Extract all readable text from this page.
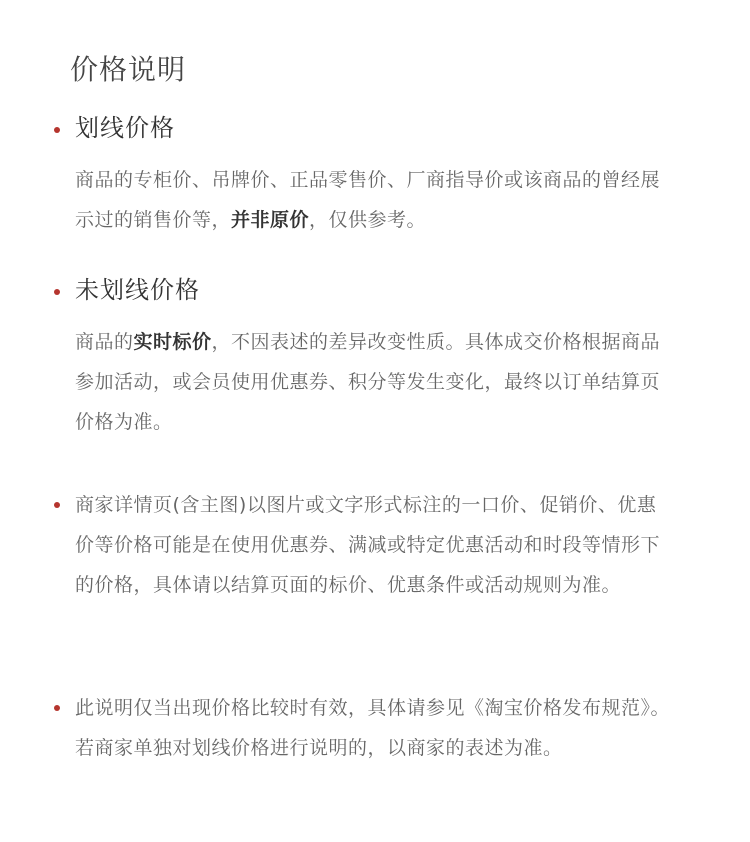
价格说明
划线价格
商品的专柜价、吊牌价、正品零售价、厂商指导价或该商品的曾经展示过的销售价等，并非原价，仅供参考。
未划线价格
商品的实时标价，不因表述的差异改变性质。具体成交价格根据商品参加活动，或会员使用优惠券、积分等发生变化，最终以订单结算页价格为准。
商家详情页(含主图)以图片或文字形式标注的一口价、促销价、优惠价等价格可能是在使用优惠券、满减或特定优惠活动和时段等情形下的价格，具体请以结算页面的标价、优惠条件或活动规则为准。
此说明仅当出现价格比较时有效，具体请参见《淘宝价格发布规范》。若商家单独对划线价格进行说明的，以商家的表述为准。
